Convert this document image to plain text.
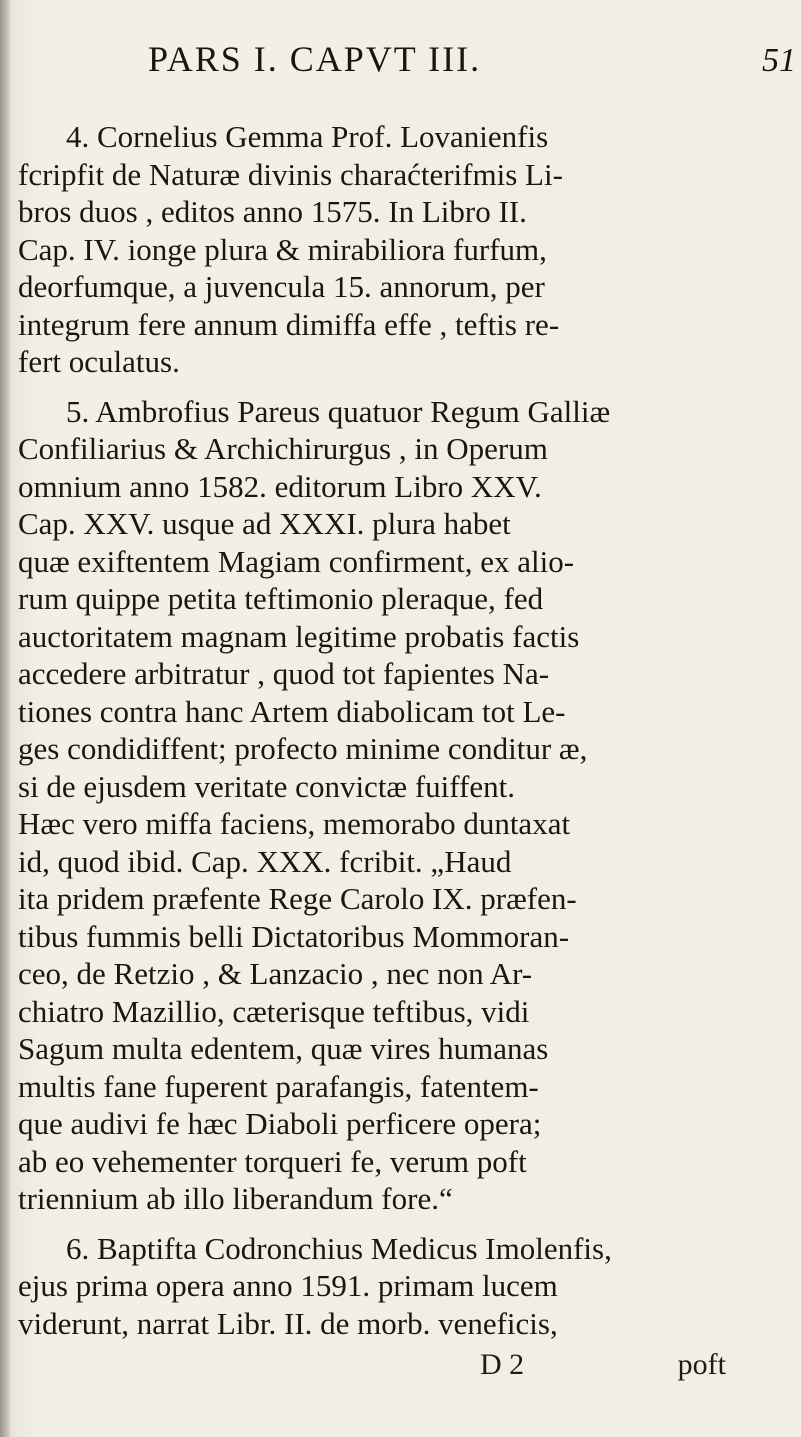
PARS I. CAPVT III.	51

4. Cornelius Gemma Prof. Lovanienfis
fcripfit de Naturæ divinis charaćterifmis Li-
bros duos , editos anno 1575. In Libro II.
Cap. IV. ionge plura & mirabiliora furfum,
deorfumque, a juvencula 15. annorum, per
integrum fere annum dimiffa effe , teftis re-
fert oculatus.

5. Ambrofius Pareus quatuor Regum Galliæ
Confiliarius & Archichirurgus , in Operum
omnium anno 1582. editorum Libro XXV.
Cap. XXV. usque ad XXXI. plura habet
quæ exiftentem Magiam confirment, ex alio-
rum quippe petita teftimonio pleraque, fed
auctoritatem magnam legitime probatis factis
accedere arbitratur , quod tot fapientes Na-
tiones contra hanc Artem diabolicam tot Le-
ges condidiffent; profecto minime conditur æ,
si de ejusdem veritate convictæ fuiffent.
Hæc vero miffa faciens, memorabo duntaxat
id, quod ibid. Cap. XXX. fcribit. „Haud
ita pridem præfente Rege Carolo IX. præfen-
tibus fummis belli Dictatoribus Mommoran-
ceo, de Retzio , & Lanzacio , nec non Ar-
chiatro Mazillio, cæterisque teftibus, vidi
Sagum multa edentem, quæ vires humanas
multis fane fuperent parafangis, fatentem-
que audivi fe hæc Diaboli perficere opera;
ab eo vehementer torqueri fe, verum poft
triennium ab illo liberandum fore.“

6. Baptifta Codronchius Medicus Imolenfis,
ejus prima opera anno 1591. primam lucem
viderunt, narrat Libr. II. de morb. veneficis,

D 2	poft
